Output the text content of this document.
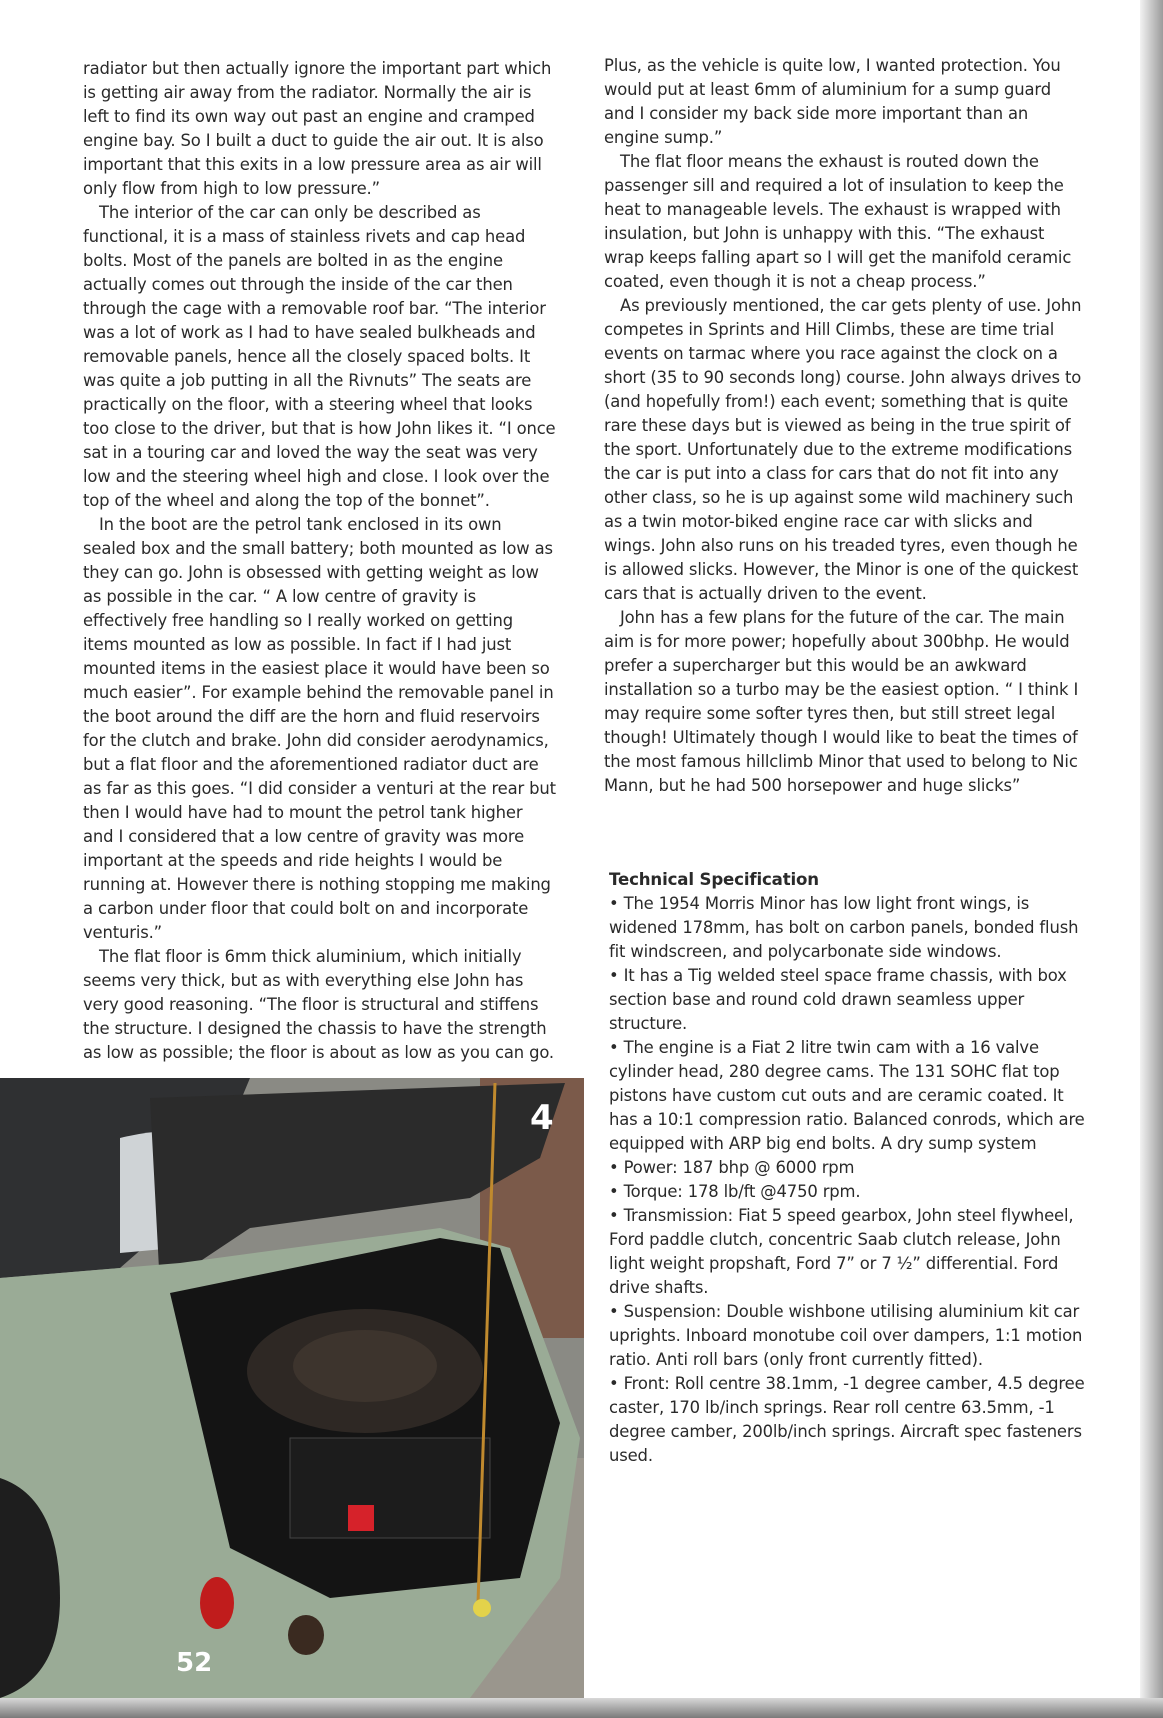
radiator but then actually ignore the important part which is getting air away from the radiator. Normally the air is left to find its own way out past an engine and cramped engine bay. So I built a duct to guide the air out. It is also important that this exits in a low pressure area as air will only flow from high to low pressure.”

The interior of the car can only be described as functional, it is a mass of stainless rivets and cap head bolts. Most of the panels are bolted in as the engine actually comes out through the inside of the car then through the cage with a removable roof bar. “The interior was a lot of work as I had to have sealed bulkheads and removable panels, hence all the closely spaced bolts. It was quite a job putting in all the Rivnuts” The seats are practically on the floor, with a steering wheel that looks too close to the driver, but that is how John likes it. “I once sat in a touring car and loved the way the seat was very low and the steering wheel high and close. I look over the top of the wheel and along the top of the bonnet”.

In the boot are the petrol tank enclosed in its own sealed box and the small battery; both mounted as low as they can go. John is obsessed with getting weight as low as possible in the car. “ A low centre of gravity is effectively free handling so I really worked on getting items mounted as low as possible. In fact if I had just mounted items in the easiest place it would have been so much easier”. For example behind the removable panel in the boot around the diff are the horn and fluid reservoirs for the clutch and brake. John did consider aerodynamics, but a flat floor and the aforementioned radiator duct are as far as this goes. “I did consider a venturi at the rear but then I would have had to mount the petrol tank higher and I considered that a low centre of gravity was more important at the speeds and ride heights I would be running at. However there is nothing stopping me making a carbon under floor that could bolt on and incorporate venturis.”

The flat floor is 6mm thick aluminium, which initially seems very thick, but as with everything else John has very good reasoning. “The floor is structural and stiffens the structure. I designed the chassis to have the strength as low as possible; the floor is about as low as you can go.

Plus, as the vehicle is quite low, I wanted protection. You would put at least 6mm of aluminium for a sump guard and I consider my back side more important than an engine sump.”

The flat floor means the exhaust is routed down the passenger sill and required a lot of insulation to keep the heat to manageable levels. The exhaust is wrapped with insulation, but John is unhappy with this. “The exhaust wrap keeps falling apart so I will get the manifold ceramic coated, even though it is not a cheap process.”

As previously mentioned, the car gets plenty of use. John competes in Sprints and Hill Climbs, these are time trial events on tarmac where you race against the clock on a short (35 to 90 seconds long) course. John always drives to (and hopefully from!) each event; something that is quite rare these days but is viewed as being in the true spirit of the sport. Unfortunately due to the extreme modifications the car is put into a class for cars that do not fit into any other class, so he is up against some wild machinery such as a twin motor-biked engine race car with slicks and wings. John also runs on his treaded tyres, even though he is allowed slicks. However, the Minor is one of the quickest cars that is actually driven to the event.

John has a few plans for the future of the car. The main aim is for more power; hopefully about 300bhp. He would prefer a supercharger but this would be an awkward installation so a turbo may be the easiest option. “ I think I may require some softer tyres then, but still street legal though! Ultimately though I would like to beat the times of the most famous hillclimb Minor that used to belong to Nic Mann, but he had 500 horsepower and huge slicks”

Technical Specification
• The 1954 Morris Minor has low light front wings, is widened 178mm, has bolt on carbon panels, bonded flush fit windscreen, and polycarbonate side windows.
• It has a Tig welded steel space frame chassis, with box section base and round cold drawn seamless upper structure.
• The engine is a Fiat 2 litre twin cam with a 16 valve cylinder head, 280 degree cams. The 131 SOHC flat top pistons have custom cut outs and are ceramic coated. It has a 10:1 compression ratio. Balanced conrods, which are equipped with ARP big end bolts. A dry sump system
• Power: 187 bhp @ 6000 rpm
• Torque: 178 lb/ft @4750 rpm.
• Transmission: Fiat 5 speed gearbox, John steel flywheel, Ford paddle clutch, concentric Saab clutch release, John light weight propshaft, Ford 7” or 7 ½” differential. Ford drive shafts.
• Suspension: Double wishbone utilising aluminium kit car uprights. Inboard monotube coil over dampers, 1:1 motion ratio. Anti roll bars (only front currently fitted).
• Front: Roll centre 38.1mm, -1 degree camber, 4.5 degree caster, 170 lb/inch springs. Rear roll centre 63.5mm, -1 degree camber, 200lb/inch springs. Aircraft spec fasteners used.
4
52
